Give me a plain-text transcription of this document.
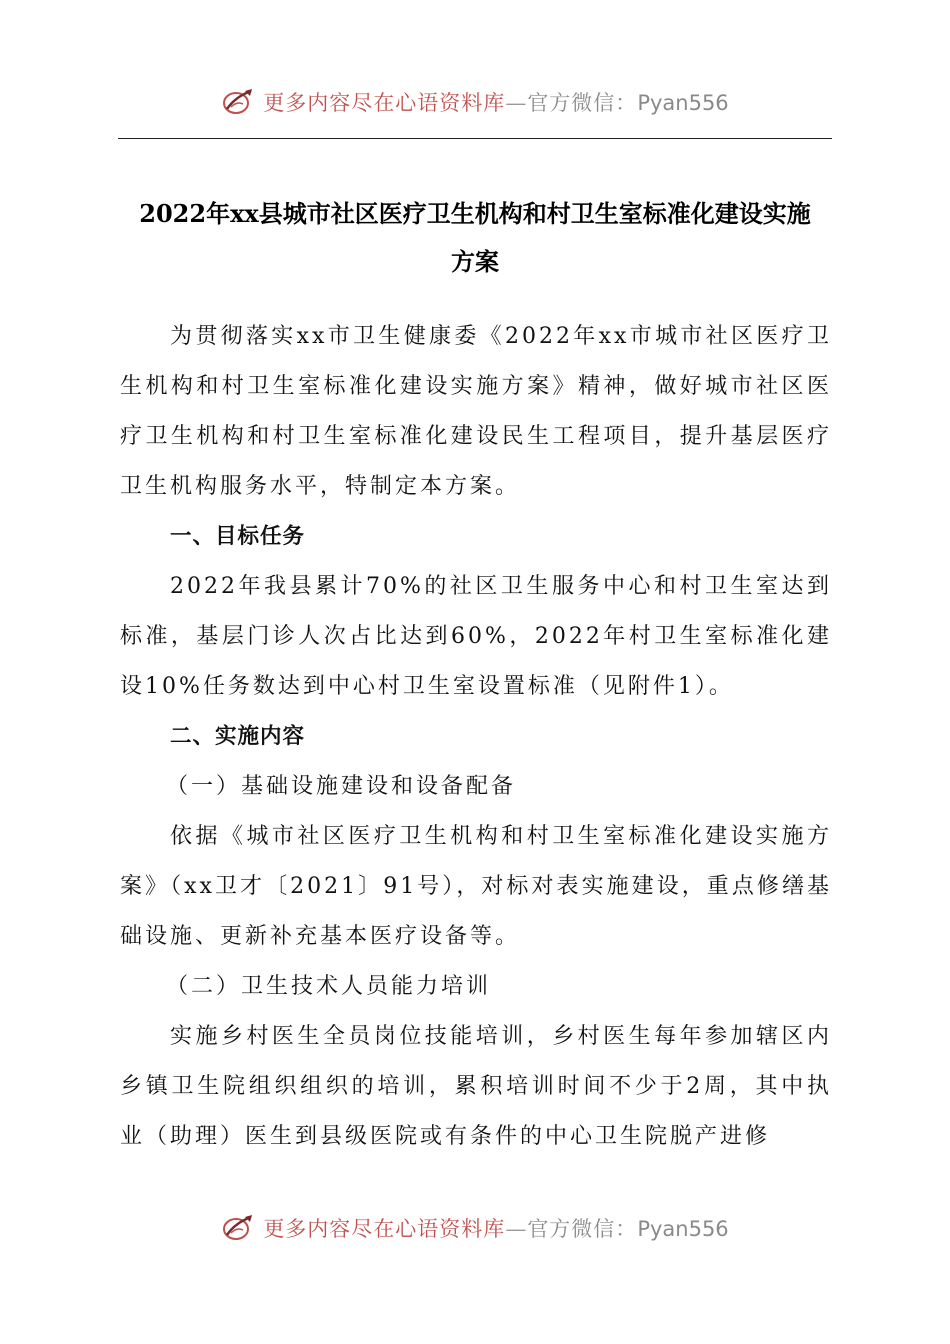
更多内容尽在心语资料库—官方微信：Pyan556
2022年xx县城市社区医疗卫生机构和村卫生室标准化建设实施
方案

为贯彻落实xx市卫生健康委《2022年xx市城市社区医疗卫生机构和村卫生室标准化建设实施方案》精神，做好城市社区医疗卫生机构和村卫生室标准化建设民生工程项目，提升基层医疗卫生机构服务水平，特制定本方案。

一、目标任务

2022年我县累计70%的社区卫生服务中心和村卫生室达到标准，基层门诊人次占比达到60%，2022年村卫生室标准化建设10%任务数达到中心村卫生室设置标准（见附件1）。

二、实施内容

（一）基础设施建设和设备配备

依据《城市社区医疗卫生机构和村卫生室标准化建设实施方案》（xx卫才〔2021〕91号），对标对表实施建设，重点修缮基础设施、更新补充基本医疗设备等。

（二）卫生技术人员能力培训

实施乡村医生全员岗位技能培训，乡村医生每年参加辖区内乡镇卫生院组织组织的培训，累积培训时间不少于2周，其中执业（助理）医生到县级医院或有条件的中心卫生院脱产进修

更多内容尽在心语资料库—官方微信：Pyan556
